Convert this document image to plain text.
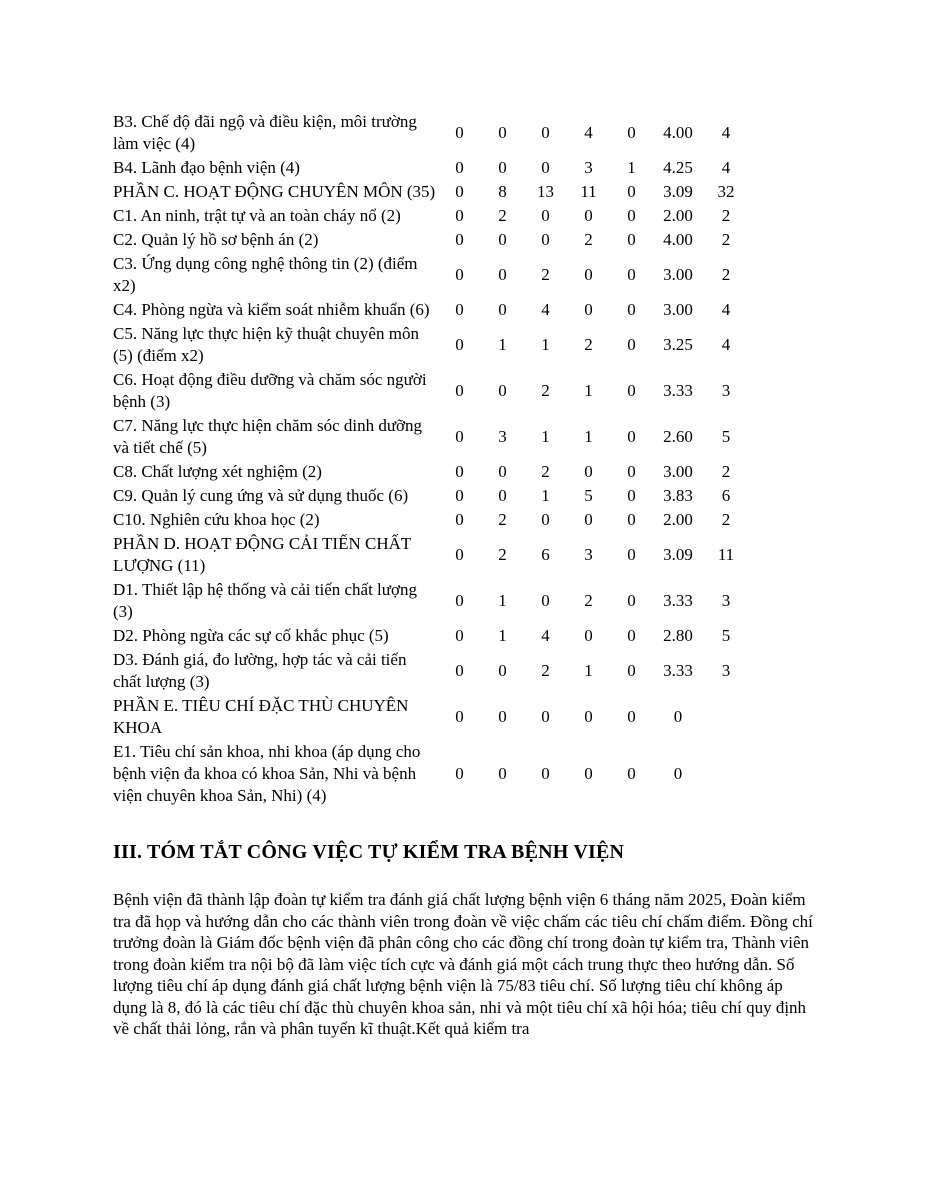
B3. Chế độ đãi ngộ và điều kiện, môi trường làm việc (4)	0	0	0	4	0	4.00	4
B4. Lãnh đạo bệnh viện (4)	0	0	0	3	1	4.25	4
PHẦN C. HOẠT ĐỘNG CHUYÊN MÔN (35)	0	8	13	11	0	3.09	32
C1. An ninh, trật tự và an toàn cháy nổ (2)	0	2	0	0	0	2.00	2
C2. Quản lý hồ sơ bệnh án (2)	0	0	0	2	0	4.00	2
C3. Ứng dụng công nghệ thông tin (2) (điểm x2)	0	0	2	0	0	3.00	2
C4. Phòng ngừa và kiểm soát nhiễm khuẩn (6)	0	0	4	0	0	3.00	4
C5. Năng lực thực hiện kỹ thuật chuyên môn (5) (điểm x2)	0	1	1	2	0	3.25	4
C6. Hoạt động điều dưỡng và chăm sóc người bệnh (3)	0	0	2	1	0	3.33	3
C7. Năng lực thực hiện chăm sóc dinh dưỡng và tiết chế (5)	0	3	1	1	0	2.60	5
C8. Chất lượng xét nghiệm (2)	0	0	2	0	0	3.00	2
C9. Quản lý cung ứng và sử dụng thuốc (6)	0	0	1	5	0	3.83	6
C10. Nghiên cứu khoa học (2)	0	2	0	0	0	2.00	2
PHẦN D. HOẠT ĐỘNG CẢI TIẾN CHẤT LƯỢNG (11)	0	2	6	3	0	3.09	11
D1. Thiết lập hệ thống và cải tiến chất lượng (3)	0	1	0	2	0	3.33	3
D2. Phòng ngừa các sự cố khắc phục (5)	0	1	4	0	0	2.80	5
D3. Đánh giá, đo lường, hợp tác và cải tiến chất lượng (3)	0	0	2	1	0	3.33	3
PHẦN E. TIÊU CHÍ ĐẶC THÙ CHUYÊN KHOA	0	0	0	0	0	0	
E1. Tiêu chí sản khoa, nhi khoa (áp dụng cho bệnh viện đa khoa có khoa Sản, Nhi và bệnh viện chuyên khoa Sản, Nhi) (4)	0	0	0	0	0	0	
III. TÓM TẮT CÔNG VIỆC TỰ KIỂM TRA BỆNH VIỆN

Bệnh viện đã thành lập đoàn tự kiểm tra đánh giá chất lượng bệnh viện 6 tháng năm 2025, Đoàn kiểm tra đã họp và hướng dẫn cho các thành viên trong đoàn về việc chấm các tiêu chí chấm điểm. Đồng chí trưởng đoàn là Giám đốc bệnh viện đã phân công cho các đồng chí trong đoàn tự kiểm tra, Thành viên trong đoàn kiểm tra nội bộ đã làm việc tích cực và đánh giá một cách trung thực theo hướng dẫn. Số lượng tiêu chí áp dụng đánh giá chất lượng bệnh viện là 75/83 tiêu chí. Số lượng tiêu chí không áp dụng là 8, đó là các tiêu chí đặc thù chuyên khoa sản, nhi và một tiêu chí xã hội hóa; tiêu chí quy định về chất thải lỏng, rắn và phân tuyến kĩ thuật.Kết quả kiểm tra
